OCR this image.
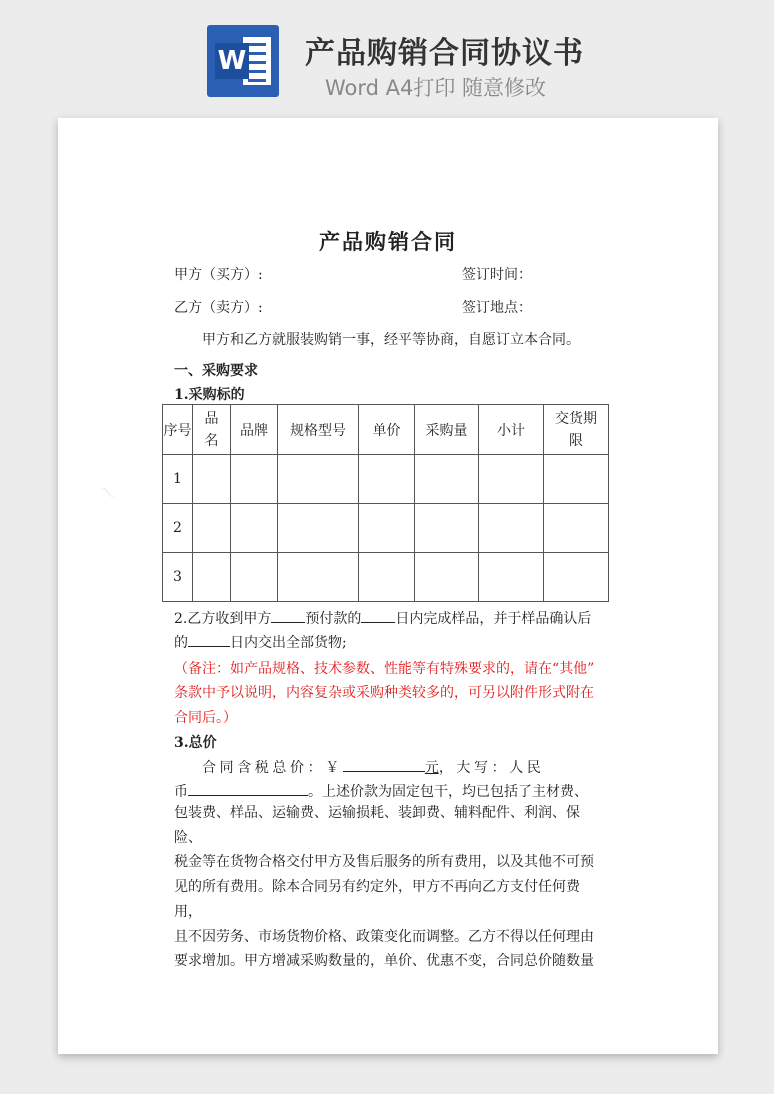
W 产品购销合同协议书
Word A4打印 随意修改
~
产品购销合同
甲方（买方）:	签订时间：
乙方（卖方）:	签订地点：
甲方和乙方就服装购销一事，经平等协商，自愿订立本合同。
一、采购要求
1.采购标的
序号	品名	品牌	规格型号	单价	采购量	小计	交货期限
1							
2							
3							
2.乙方收到甲方 预付款的 日内完成样品，并于样品确认后
的	日内交出全部货物;
（备注：如产品规格、技术参数、性能等有特殊要求的，请在“其他”
条款中予以说明，内容复杂或采购种类较多的，可另以附件形式附在
合同后。）
3.总价
合同含税总价：￥	元，大写：人民
币	。上述价款为固定包干，均已包括了主材费、
包装费、样品、运输费、运输损耗、装卸费、辅料配件、利润、保险、
税金等在货物合格交付甲方及售后服务的所有费用，以及其他不可预
见的所有费用。除本合同另有约定外，甲方不再向乙方支付任何费用，
且不因劳务、市场货物价格、政策变化而调整。乙方不得以任何理由
要求增加。甲方增减采购数量的，单价、优惠不变，合同总价随数量
